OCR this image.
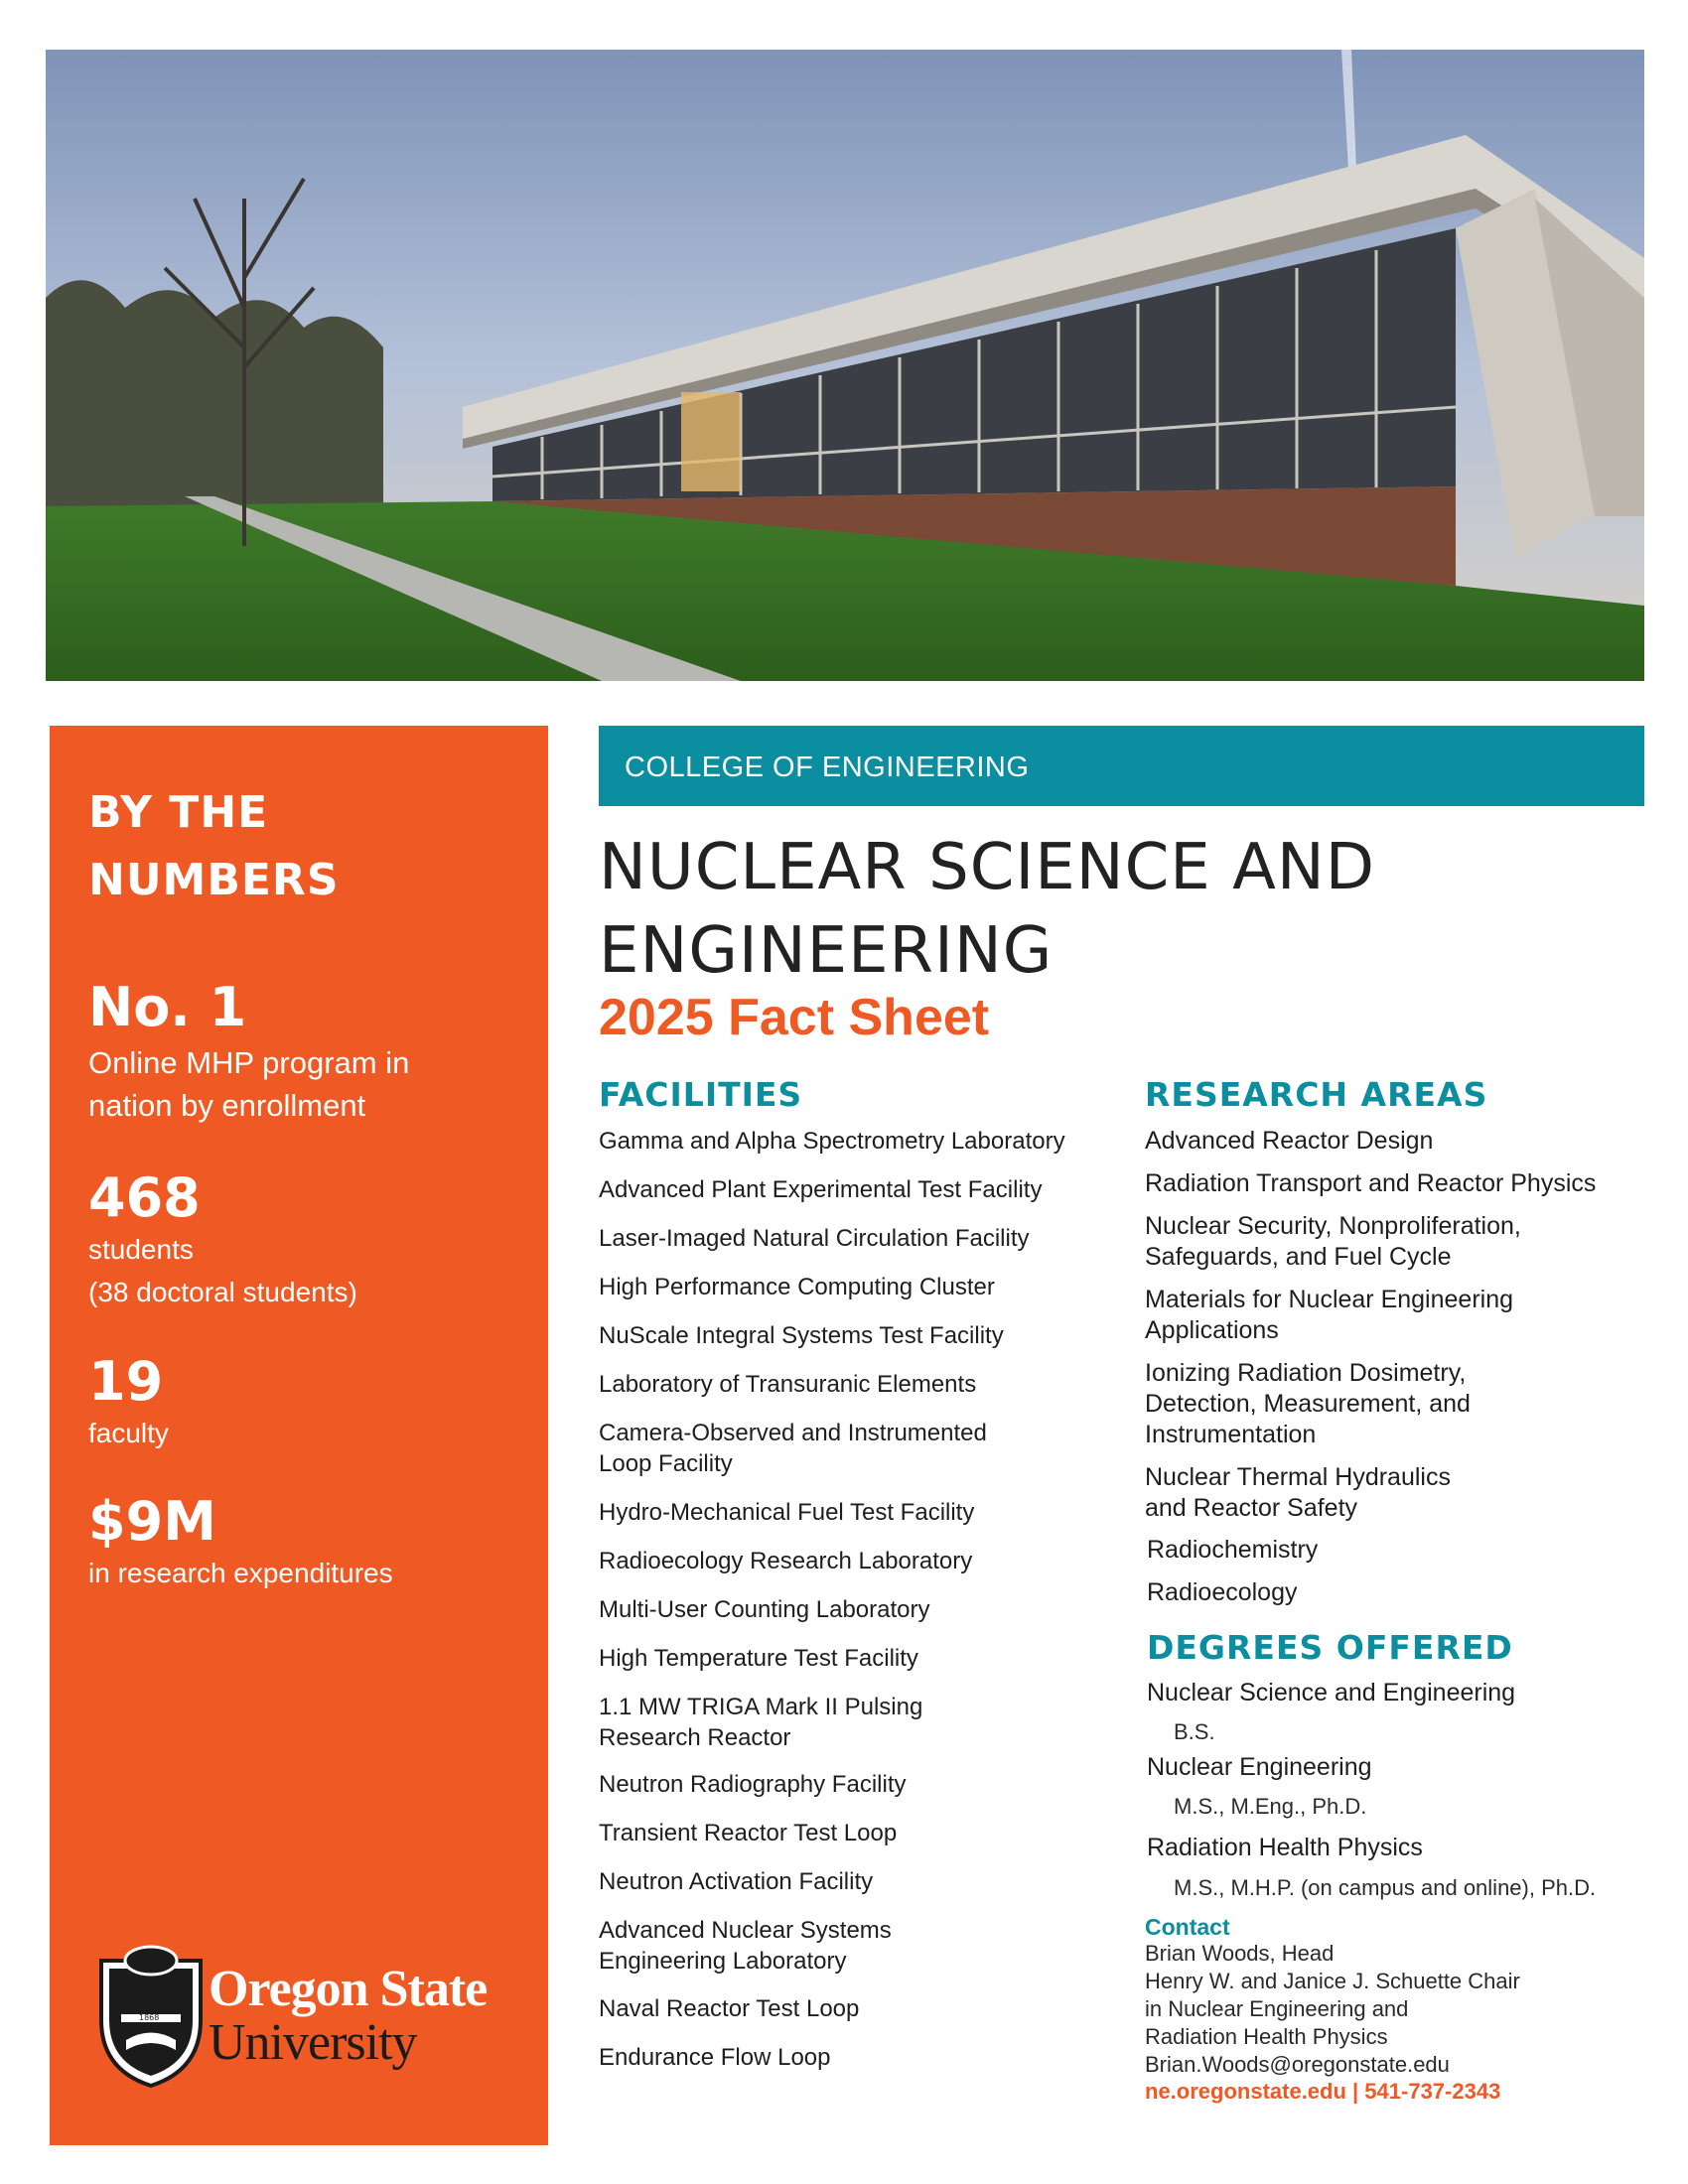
BY THE NUMBERS
No. 1
Online MHP program in nation by enrollment
468
students
(38 doctoral students)
19
faculty
$9M
in research expenditures
1868
Oregon State
University
COLLEGE OF ENGINEERING
NUCLEAR SCIENCE AND ENGINEERING
2025 Fact Sheet
FACILITIES
Gamma and Alpha Spectrometry Laboratory
Advanced Plant Experimental Test Facility
Laser-Imaged Natural Circulation Facility
High Performance Computing Cluster
NuScale Integral Systems Test Facility
Laboratory of Transuranic Elements
Camera-Observed and Instrumented Loop Facility
Hydro-Mechanical Fuel Test Facility
Radioecology Research Laboratory
Multi-User Counting Laboratory
High Temperature Test Facility
1.1 MW TRIGA Mark II Pulsing Research Reactor
Neutron Radiography Facility
Transient Reactor Test Loop
Neutron Activation Facility
Advanced Nuclear Systems Engineering Laboratory
Naval Reactor Test Loop
Endurance Flow Loop
RESEARCH AREAS
Advanced Reactor Design
Radiation Transport and Reactor Physics
Nuclear Security, Nonproliferation, Safeguards, and Fuel Cycle
Materials for Nuclear Engineering Applications
Ionizing Radiation Dosimetry, Detection, Measurement, and Instrumentation
Nuclear Thermal Hydraulics and Reactor Safety
Radiochemistry
Radioecology
DEGREES OFFERED
Nuclear Science and Engineering
B.S.
Nuclear Engineering
M.S., M.Eng., Ph.D.
Radiation Health Physics
M.S., M.H.P. (on campus and online), Ph.D.
Contact
Brian Woods, Head
Henry W. and Janice J. Schuette Chair
in Nuclear Engineering and
Radiation Health Physics
Brian.Woods@oregonstate.edu
ne.oregonstate.edu | 541-737-2343
